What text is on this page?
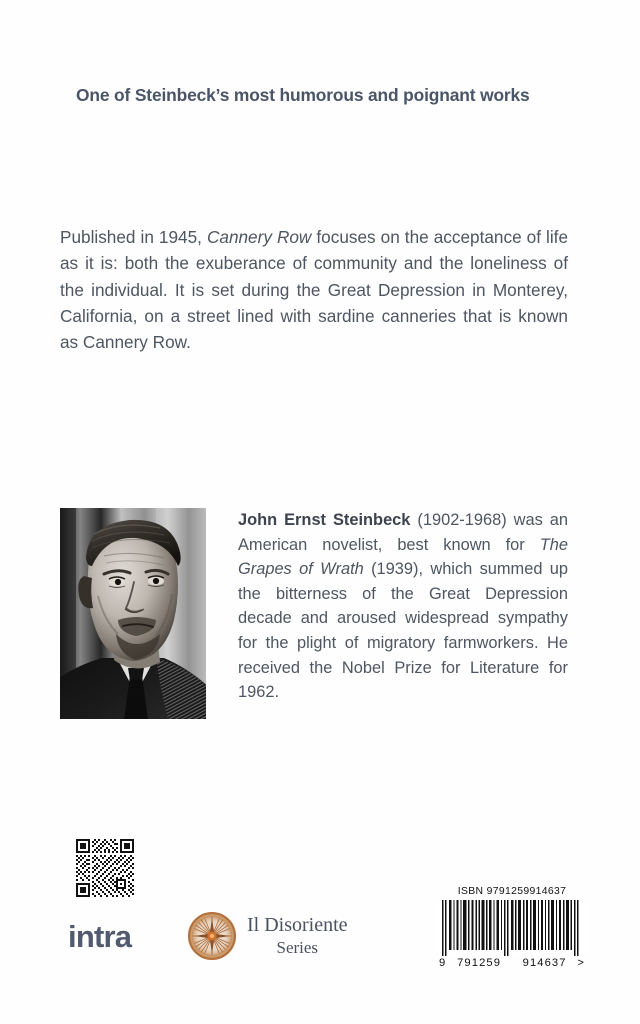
One of Steinbeck’s most humorous and poignant works
Published in 1945, Cannery Row focuses on the acceptance of life as it is: both the exuberance of community and the loneliness of the individual. It is set during the Great Depression in Monterey, California, on a street lined with sardine canneries that is known as Cannery Row.
John Ernst Steinbeck (1902-1968) was an American novelist, best known for The Grapes of Wrath (1939), which summed up the bitterness of the Great Depression decade and aroused widespread sympathy for the plight of migratory farmworkers. He received the Nobel Prize for Literature for 1962.
intra	Il Disoriente
Series
ISBN 9791259914637
9 791259	914637 >
